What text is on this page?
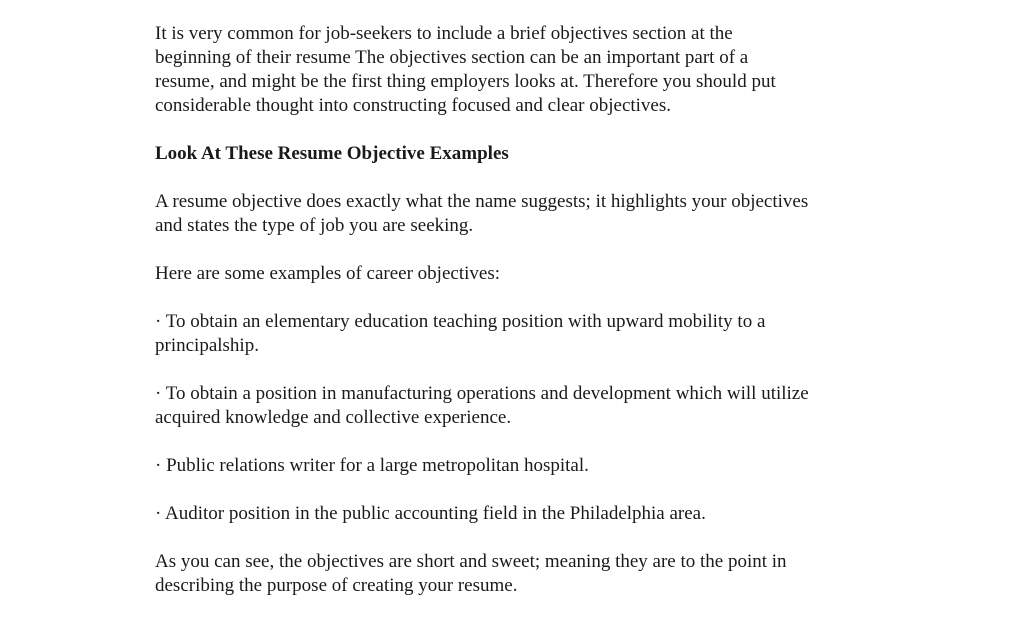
It is very common for job-seekers to include a brief objectives section at the
beginning of their resume The objectives section can be an important part of a
resume, and might be the first thing employers looks at. Therefore you should put
considerable thought into constructing focused and clear objectives.

Look At These Resume Objective Examples

A resume objective does exactly what the name suggests; it highlights your objectives
and states the type of job you are seeking.

Here are some examples of career objectives:

· To obtain an elementary education teaching position with upward mobility to a
principalship.

· To obtain a position in manufacturing operations and development which will utilize
acquired knowledge and collective experience.

· Public relations writer for a large metropolitan hospital.

· Auditor position in the public accounting field in the Philadelphia area.

As you can see, the objectives are short and sweet; meaning they are to the point in
describing the purpose of creating your resume.
